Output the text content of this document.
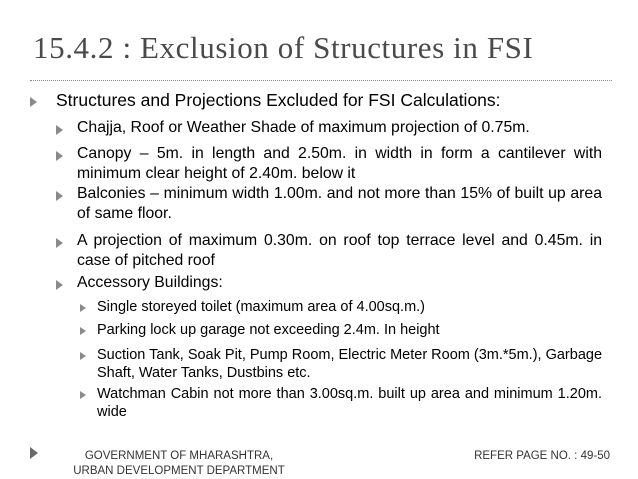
15.4.2 : Exclusion of Structures in FSI
Structures and Projections Excluded for FSI Calculations:
Chajja, Roof or Weather Shade of maximum projection of 0.75m.
Canopy – 5m. in length and 2.50m. in width in form a cantilever with minimum clear height of 2.40m. below it
Balconies – minimum width 1.00m. and not more than 15% of built up area of same floor.
A projection of maximum 0.30m. on roof top terrace level and 0.45m. in case of pitched roof
Accessory Buildings:
Single storeyed toilet (maximum area of 4.00sq.m.)
Parking lock up garage not exceeding 2.4m. In height
Suction Tank, Soak Pit, Pump Room, Electric Meter Room (3m.*5m.), Garbage Shaft, Water Tanks, Dustbins etc.
Watchman Cabin not more than 3.00sq.m. built up area and minimum 1.20m. wide
GOVERNMENT OF MHARASHTRA,
URBAN DEVELOPMENT DEPARTMENT
REFER PAGE NO. : 49-50
